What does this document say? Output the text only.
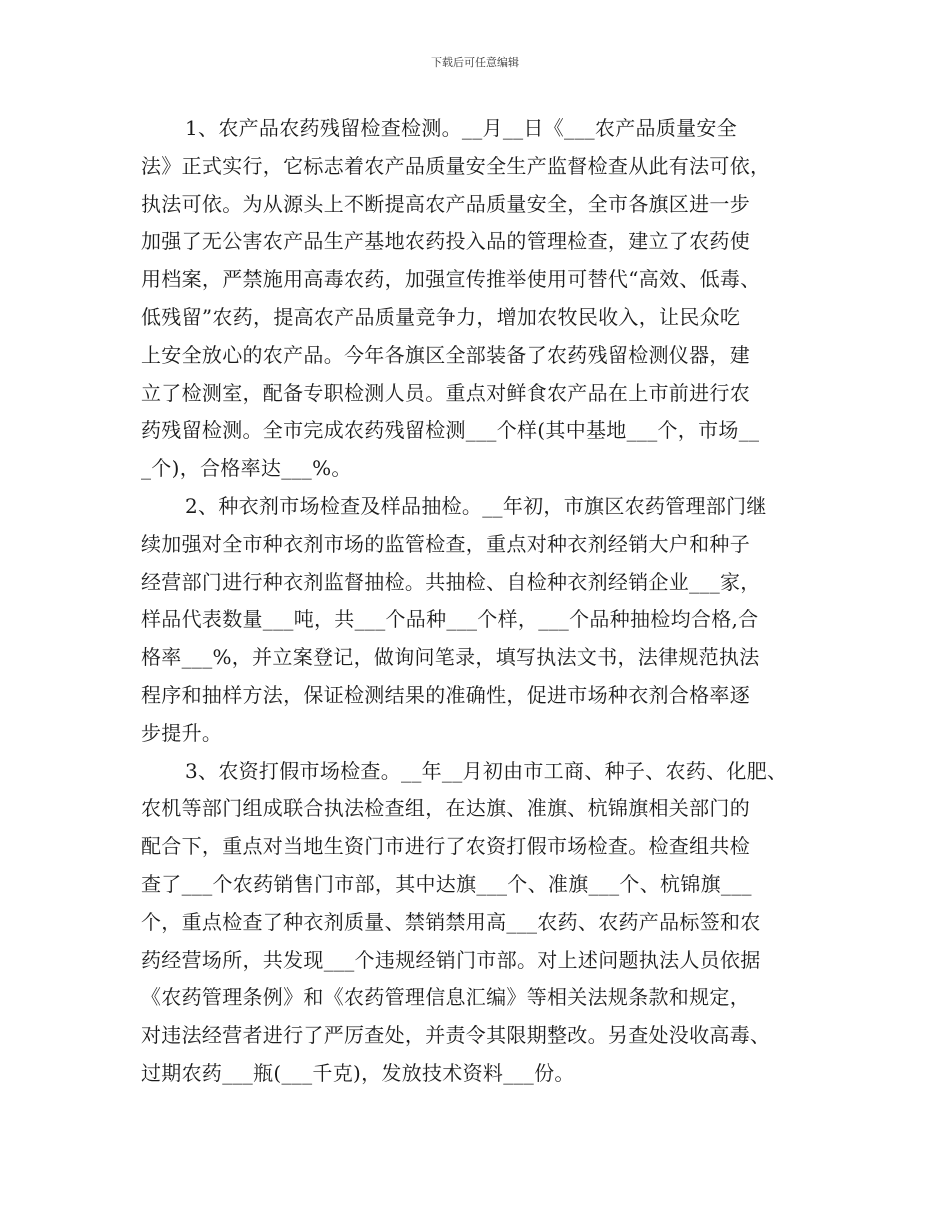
下载后可任意编辑
1、农产品农药残留检查检测。__月__日《___农产品质量安全
法》正式实行，它标志着农产品质量安全生产监督检查从此有法可依，
执法可依。为从源头上不断提高农产品质量安全，全市各旗区进一步
加强了无公害农产品生产基地农药投入品的管理检查，建立了农药使
用档案，严禁施用高毒农药，加强宣传推举使用可替代“高效、低毒、
低残留”农药，提高农产品质量竞争力，增加农牧民收入，让民众吃
上安全放心的农产品。今年各旗区全部装备了农药残留检测仪器，建
立了检测室，配备专职检测人员。重点对鲜食农产品在上市前进行农
药残留检测。全市完成农药残留检测___个样(其中基地___个，市场__
_个)，合格率达___%。
2、种衣剂市场检查及样品抽检。__年初，市旗区农药管理部门继
续加强对全市种衣剂市场的监管检查，重点对种衣剂经销大户和种子
经营部门进行种衣剂监督抽检。共抽检、自检种衣剂经销企业___家，
样品代表数量___吨，共___个品种___个样，___个品种抽检均合格,合
格率___%，并立案登记，做询问笔录，填写执法文书，法律规范执法
程序和抽样方法，保证检测结果的准确性，促进市场种衣剂合格率逐
步提升。
3、农资打假市场检查。__年__月初由市工商、种子、农药、化肥、
农机等部门组成联合执法检查组，在达旗、准旗、杭锦旗相关部门的
配合下，重点对当地生资门市进行了农资打假市场检查。检查组共检
查了___个农药销售门市部，其中达旗___个、准旗___个、杭锦旗___
个，重点检查了种衣剂质量、禁销禁用高___农药、农药产品标签和农
药经营场所，共发现___个违规经销门市部。对上述问题执法人员依据
《农药管理条例》和《农药管理信息汇编》等相关法规条款和规定，
对违法经营者进行了严厉查处，并责令其限期整改。另查处没收高毒、
过期农药___瓶(___千克)，发放技术资料___份。
